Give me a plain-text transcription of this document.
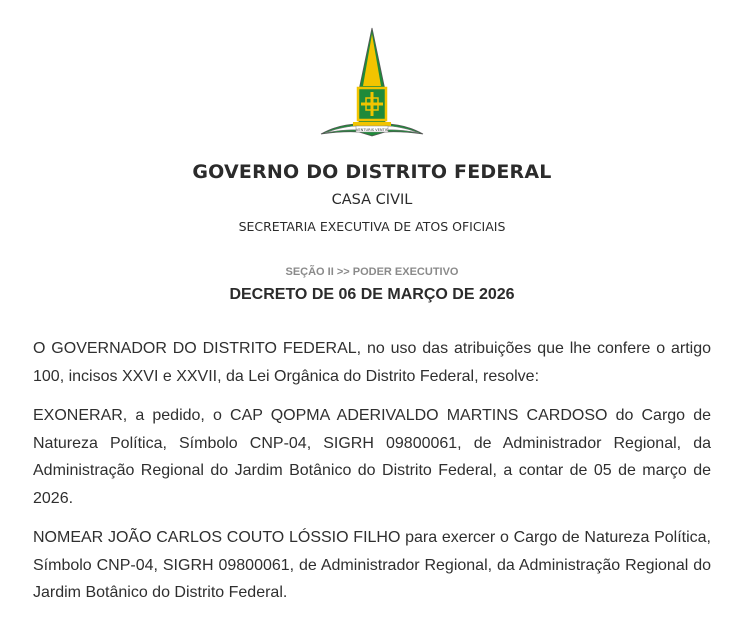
VENTURIS VENTIS
GOVERNO DO DISTRITO FEDERAL
CASA CIVIL
SECRETARIA EXECUTIVA DE ATOS OFICIAIS
SEÇÃO II >> PODER EXECUTIVO
DECRETO DE 06 DE MARÇO DE 2026

O GOVERNADOR DO DISTRITO FEDERAL, no uso das atribuições que lhe confere o artigo 100, incisos XXVI e XXVII, da Lei Orgânica do Distrito Federal, resolve:

EXONERAR, a pedido, o CAP QOPMA ADERIVALDO MARTINS CARDOSO do Cargo de Natureza Política, Símbolo CNP-04, SIGRH 09800061, de Administrador Regional, da Administração Regional do Jardim Botânico do Distrito Federal, a contar de 05 de março de 2026.

NOMEAR JOÃO CARLOS COUTO LÓSSIO FILHO para exercer o Cargo de Natureza Política, Símbolo CNP-04, SIGRH 09800061, de Administrador Regional, da Administração Regional do Jardim Botânico do Distrito Federal.
